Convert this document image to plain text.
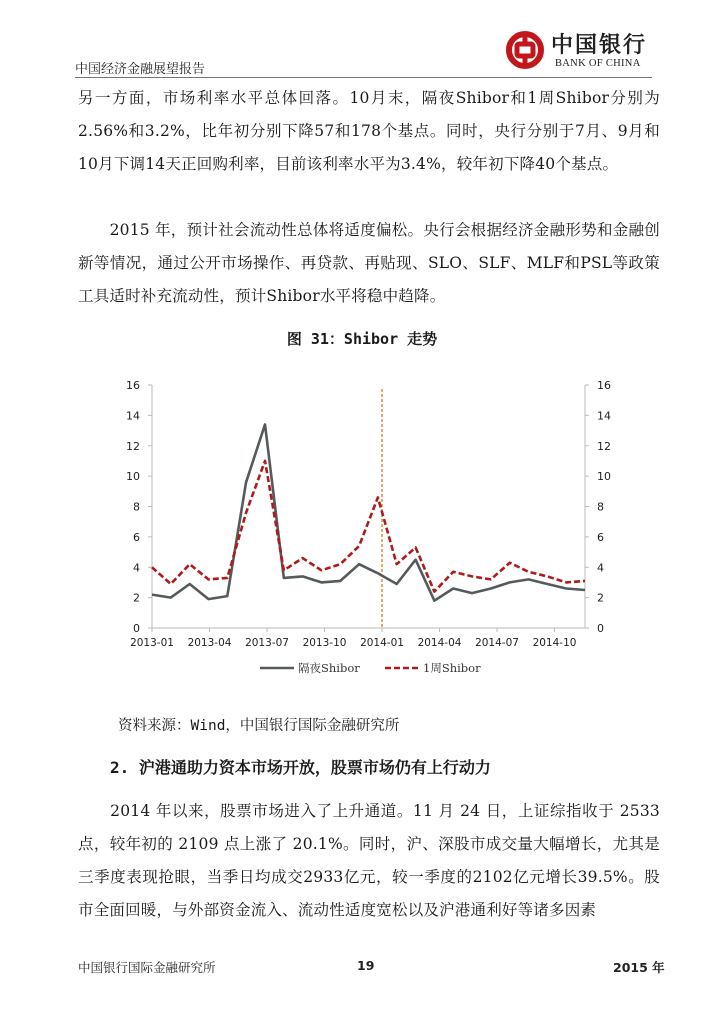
中国经济金融展望报告
中国银行
BANK OF CHINA
另一方面，市场利率水平总体回落。10月末，隔夜Shibor和1周Shibor分别为2.56%和3.2%，比年初分别下降57和178个基点。同时，央行分别于7月、9月和10月下调14天正回购利率，目前该利率水平为3.4%，较年初下降40个基点。
　　2015 年，预计社会流动性总体将适度偏松。央行会根据经济金融形势和金融创新等情况，通过公开市场操作、再贷款、再贴现、SLO、SLF、MLF和PSL等政策工具适时补充流动性，预计Shibor水平将稳中趋降。
图 31：Shibor 走势
0	0
2	2
4	4
6	6
8	8
10	10
12	12
14	14
16	16
2013-01 2013-04 2013-07 2013-10 2014-01 2014-04 2014-07 2014-10
隔夜Shibor	1周Shibor
资料来源：Wind，中国银行国际金融研究所
2. 沪港通助力资本市场开放，股票市场仍有上行动力
　　2014 年以来，股票市场进入了上升通道。11 月 24 日，上证综指收于 2533 点，较年初的 2109 点上涨了 20.1%。同时，沪、深股市成交量大幅增长，尤其是三季度表现抢眼，当季日均成交2933亿元，较一季度的2102亿元增长39.5%。股市全面回暖，与外部资金流入、流动性适度宽松以及沪港通利好等诸多因素
中国银行国际金融研究所	19	2015 年
